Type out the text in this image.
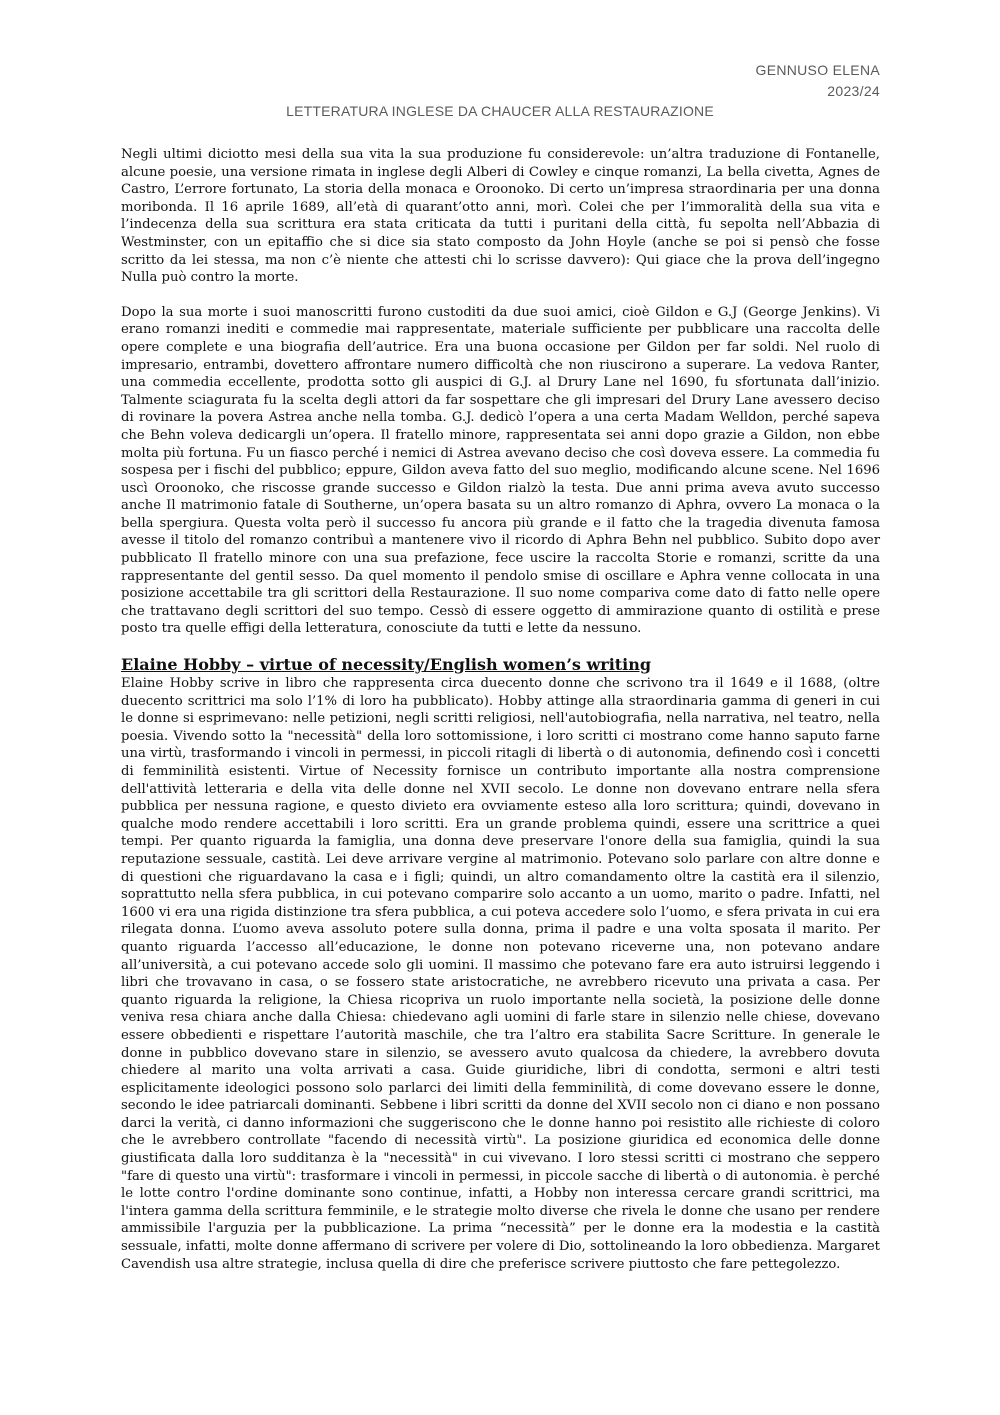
GENNUSO ELENA
2023/24
LETTERATURA INGLESE DA CHAUCER ALLA RESTAURAZIONE

Negli ultimi diciotto mesi della sua vita la sua produzione fu considerevole: un’altra traduzione di Fontanelle, alcune poesie, una versione rimata in inglese degli Alberi di Cowley e cinque romanzi, La bella civetta, Agnes de Castro, L’errore fortunato, La storia della monaca e Oroonoko. Di certo un’impresa straordinaria per una donna moribonda. Il 16 aprile 1689, all’età di quarant’otto anni, morì. Colei che per l’immoralità della sua vita e l’indecenza della sua scrittura era stata criticata da tutti i puritani della città, fu sepolta nell’Abbazia di Westminster, con un epitaffio che si dice sia stato composto da John Hoyle (anche se poi si pensò che fosse scritto da lei stessa, ma non c’è niente che attesti chi lo scrisse davvero): Qui giace che la prova dell’ingegno Nulla può contro la morte.

Dopo la sua morte i suoi manoscritti furono custoditi da due suoi amici, cioè Gildon e G.J (George Jenkins). Vi erano romanzi inediti e commedie mai rappresentate, materiale sufficiente per pubblicare una raccolta delle opere complete e una biografia dell’autrice. Era una buona occasione per Gildon per far soldi. Nel ruolo di impresario, entrambi, dovettero affrontare numero difficoltà che non riuscirono a superare. La vedova Ranter, una commedia eccellente, prodotta sotto gli auspici di G.J. al Drury Lane nel 1690, fu sfortunata dall’inizio. Talmente sciagurata fu la scelta degli attori da far sospettare che gli impresari del Drury Lane avessero deciso di rovinare la povera Astrea anche nella tomba. G.J. dedicò l’opera a una certa Madam Welldon, perché sapeva che Behn voleva dedicargli un’opera. Il fratello minore, rappresentata sei anni dopo grazie a Gildon, non ebbe molta più fortuna. Fu un fiasco perché i nemici di Astrea avevano deciso che così doveva essere. La commedia fu sospesa per i fischi del pubblico; eppure, Gildon aveva fatto del suo meglio, modificando alcune scene. Nel 1696 uscì Oroonoko, che riscosse grande successo e Gildon rialzò la testa. Due anni prima aveva avuto successo anche Il matrimonio fatale di Southerne, un’opera basata su un altro romanzo di Aphra, ovvero La monaca o la bella spergiura. Questa volta però il successo fu ancora più grande e il fatto che la tragedia divenuta famosa avesse il titolo del romanzo contribuì a mantenere vivo il ricordo di Aphra Behn nel pubblico. Subito dopo aver pubblicato Il fratello minore con una sua prefazione, fece uscire la raccolta Storie e romanzi, scritte da una rappresentante del gentil sesso. Da quel momento il pendolo smise di oscillare e Aphra venne collocata in una posizione accettabile tra gli scrittori della Restaurazione. Il suo nome compariva come dato di fatto nelle opere che trattavano degli scrittori del suo tempo. Cessò di essere oggetto di ammirazione quanto di ostilità e prese posto tra quelle effigi della letteratura, conosciute da tutti e lette da nessuno.

Elaine Hobby – virtue of necessity/English women’s writing

Elaine Hobby scrive in libro che rappresenta circa duecento donne che scrivono tra il 1649 e il 1688, (oltre duecento scrittrici ma solo l’1% di loro ha pubblicato). Hobby attinge alla straordinaria gamma di generi in cui le donne si esprimevano: nelle petizioni, negli scritti religiosi, nell'autobiografia, nella narrativa, nel teatro, nella poesia. Vivendo sotto la "necessità" della loro sottomissione, i loro scritti ci mostrano come hanno saputo farne una virtù, trasformando i vincoli in permessi, in piccoli ritagli di libertà o di autonomia, definendo così i concetti di femminilità esistenti. Virtue of Necessity fornisce un contributo importante alla nostra comprensione dell'attività letteraria e della vita delle donne nel XVII secolo. Le donne non dovevano entrare nella sfera pubblica per nessuna ragione, e questo divieto era ovviamente esteso alla loro scrittura; quindi, dovevano in qualche modo rendere accettabili i loro scritti. Era un grande problema quindi, essere una scrittrice a quei tempi. Per quanto riguarda la famiglia, una donna deve preservare l'onore della sua famiglia, quindi la sua reputazione sessuale, castità. Lei deve arrivare vergine al matrimonio. Potevano solo parlare con altre donne e di questioni che riguardavano la casa e i figli; quindi, un altro comandamento oltre la castità era il silenzio, soprattutto nella sfera pubblica, in cui potevano comparire solo accanto a un uomo, marito o padre. Infatti, nel 1600 vi era una rigida distinzione tra sfera pubblica, a cui poteva accedere solo l’uomo, e sfera privata in cui era rilegata donna. L’uomo aveva assoluto potere sulla donna, prima il padre e una volta sposata il marito. Per quanto riguarda l’accesso all’educazione, le donne non potevano riceverne una, non potevano andare all’università, a cui potevano accede solo gli uomini. Il massimo che potevano fare era auto istruirsi leggendo i libri che trovavano in casa, o se fossero state aristocratiche, ne avrebbero ricevuto una privata a casa. Per quanto riguarda la religione, la Chiesa ricopriva un ruolo importante nella società, la posizione delle donne veniva resa chiara anche dalla Chiesa: chiedevano agli uomini di farle stare in silenzio nelle chiese, dovevano essere obbedienti e rispettare l’autorità maschile, che tra l’altro era stabilita Sacre Scritture. In generale le donne in pubblico dovevano stare in silenzio, se avessero avuto qualcosa da chiedere, la avrebbero dovuta chiedere al marito una volta arrivati a casa. Guide giuridiche, libri di condotta, sermoni e altri testi esplicitamente ideologici possono solo parlarci dei limiti della femminilità, di come dovevano essere le donne, secondo le idee patriarcali dominanti. Sebbene i libri scritti da donne del XVII secolo non ci diano e non possano darci la verità, ci danno informazioni che suggeriscono che le donne hanno poi resistito alle richieste di coloro che le avrebbero controllate "facendo di necessità virtù". La posizione giuridica ed economica delle donne giustificata dalla loro sudditanza è la "necessità" in cui vivevano. I loro stessi scritti ci mostrano che seppero "fare di questo una virtù": trasformare i vincoli in permessi, in piccole sacche di libertà o di autonomia. è perché le lotte contro l'ordine dominante sono continue, infatti, a Hobby non interessa cercare grandi scrittrici, ma l'intera gamma della scrittura femminile, e le strategie molto diverse che rivela le donne che usano per rendere ammissibile l'arguzia per la pubblicazione. La prima “necessità” per le donne era la modestia e la castità sessuale, infatti, molte donne affermano di scrivere per volere di Dio, sottolineando la loro obbedienza. Margaret Cavendish usa altre strategie, inclusa quella di dire che preferisce scrivere piuttosto che fare pettegolezzo.
